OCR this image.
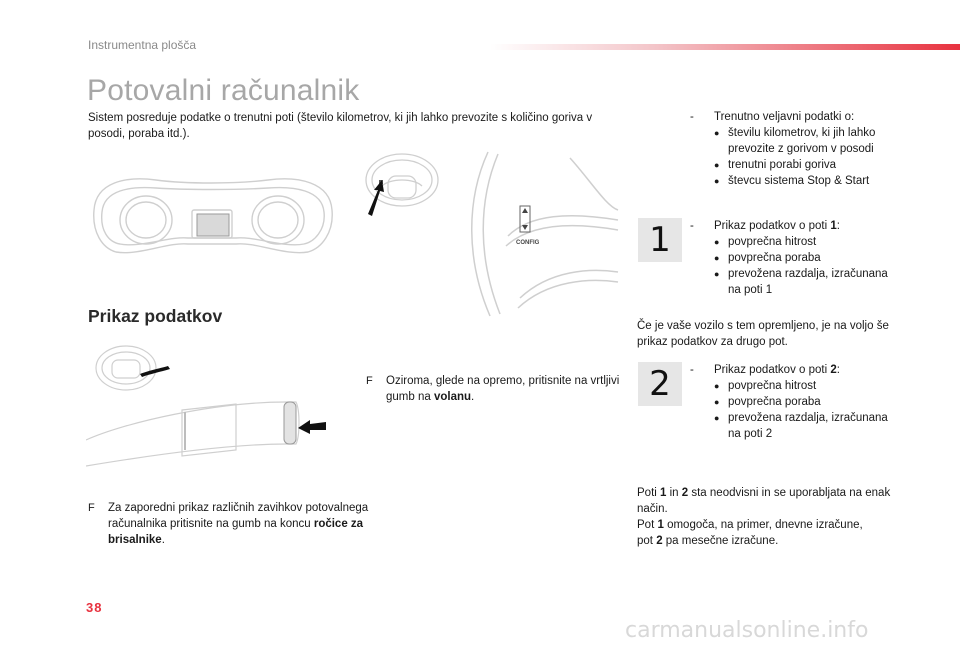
Instrumentna plošča
Potovalni računalnik
Sistem posreduje podatke o trenutni poti (število kilometrov, ki jih lahko prevozite s količino goriva v posodi, poraba itd.).
CONFIG
Prikaz podatkov
F Za zaporedni prikaz različnih zavihkov potovalnega računalnika pritisnite na gumb na koncu ročice za brisalnike.
F Oziroma, glede na opremo, pritisnite na vrtljivi gumb na volanu.
-	Trenutno veljavni podatki o:
● številu kilometrov, ki jih lahko prevozite z gorivom v posodi
● trenutni porabi goriva
● števcu sistema Stop & Start
1	-	Prikaz podatkov o poti 1:
● povprečna hitrost
● povprečna poraba
● prevožena razdalja, izračunana na poti 1
Če je vaše vozilo s tem opremljeno, je na voljo še prikaz podatkov za drugo pot.
2	-	Prikaz podatkov o poti 2:
● povprečna hitrost
● povprečna poraba
● prevožena razdalja, izračunana na poti 2
Poti 1 in 2 sta neodvisni in se uporabljata na enak način.
Pot 1 omogoča, na primer, dnevne izračune,
pot 2 pa mesečne izračune.
38
carmanualsonline.info
